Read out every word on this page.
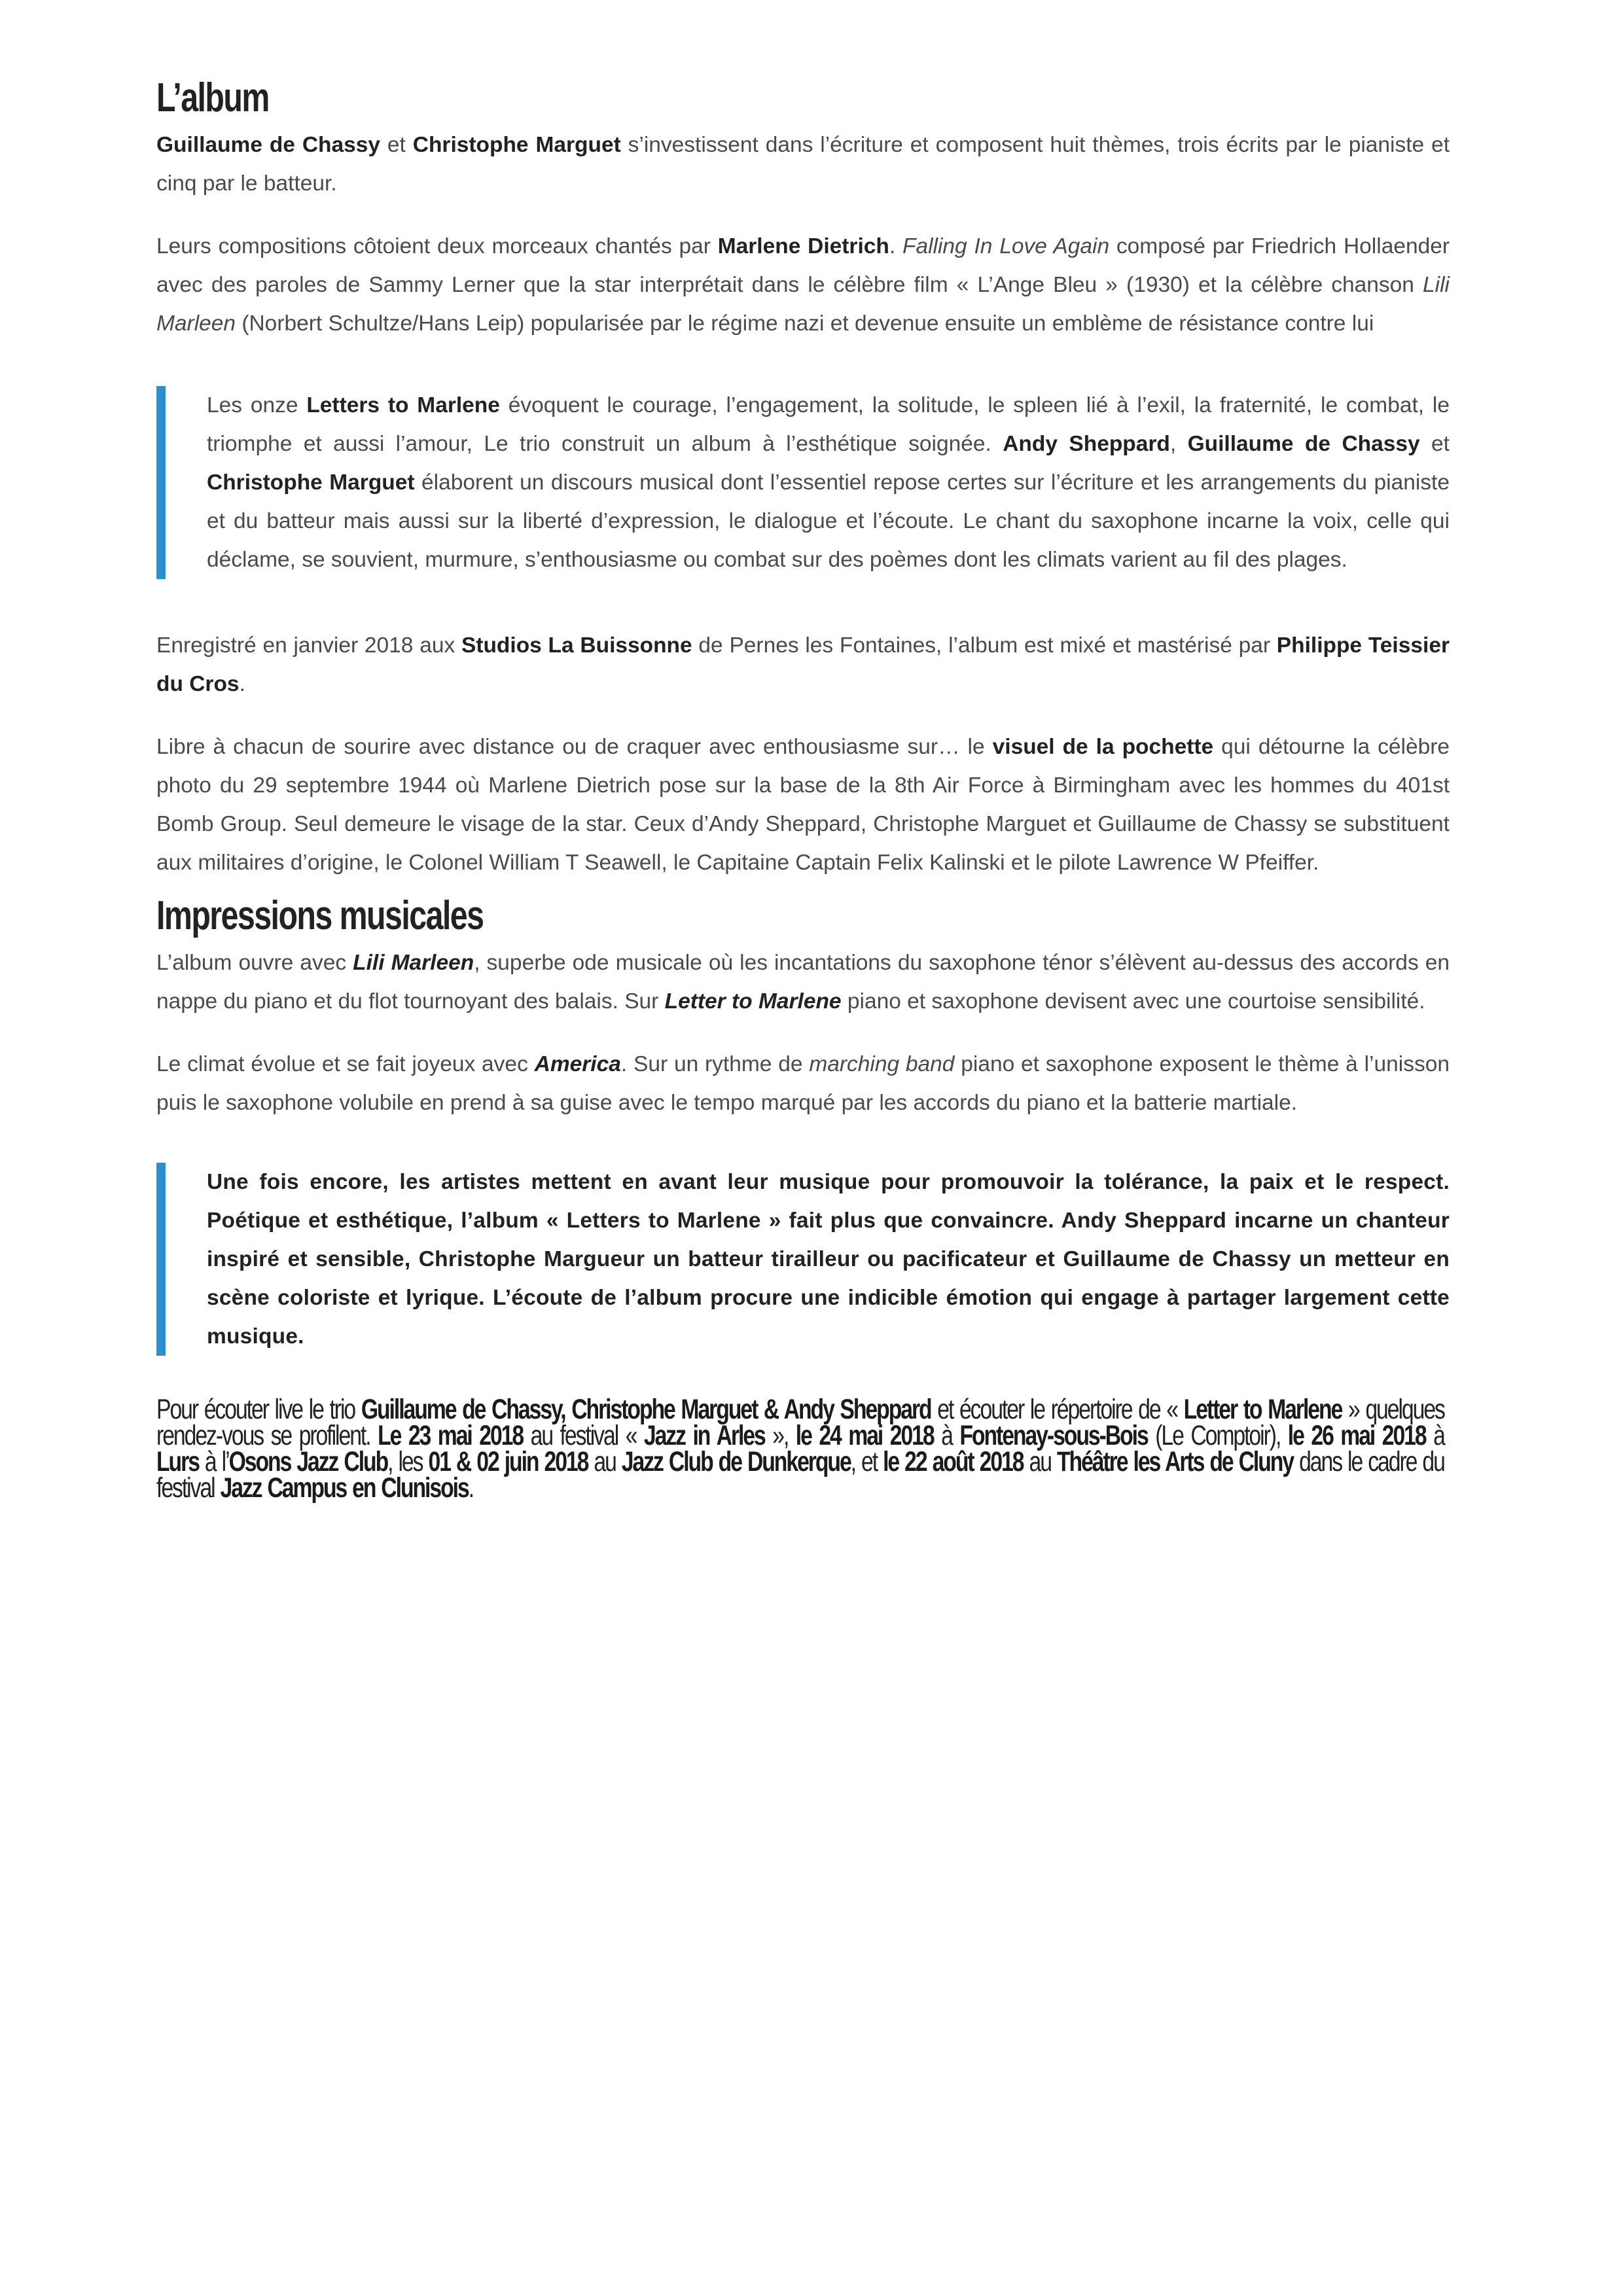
L’album

Guillaume de Chassy et Christophe Marguet s’investissent dans l’écriture et composent huit thèmes, trois écrits par le pianiste et cinq par le batteur.

Leurs compositions côtoient deux morceaux chantés par Marlene Dietrich. Falling In Love Again composé par Friedrich Hollaender avec des paroles de Sammy Lerner que la star interprétait dans le célèbre film « L’Ange Bleu » (1930) et la célèbre chanson Lili Marleen (Norbert Schultze/Hans Leip) popularisée par le régime nazi et devenue ensuite un emblème de résistance contre lui

Les onze Letters to Marlene évoquent le courage, l’engagement, la solitude, le spleen lié à l’exil, la fraternité, le combat, le triomphe et aussi l’amour, Le trio construit un album à l’esthétique soignée. Andy Sheppard, Guillaume de Chassy et Christophe Marguet élaborent un discours musical dont l’essentiel repose certes sur l’écriture et les arrangements du pianiste et du batteur mais aussi sur la liberté d’expression, le dialogue et l’écoute. Le chant du saxophone incarne la voix, celle qui déclame, se souvient, murmure, s’enthousiasme ou combat sur des poèmes dont les climats varient au fil des plages.

Enregistré en janvier 2018 aux Studios La Buissonne de Pernes les Fontaines, l’album est mixé et mastérisé par Philippe Teissier du Cros.

Libre à chacun de sourire avec distance ou de craquer avec enthousiasme sur… le visuel de la pochette qui détourne la célèbre photo du 29 septembre 1944 où Marlene Dietrich pose sur la base de la 8th Air Force à Birmingham avec les hommes du 401st Bomb Group. Seul demeure le visage de la star. Ceux d’Andy Sheppard, Christophe Marguet et Guillaume de Chassy se substituent aux militaires d’origine, le Colonel William T Seawell, le Capitaine Captain Felix Kalinski et le pilote Lawrence W Pfeiffer.

Impressions musicales

L’album ouvre avec Lili Marleen, superbe ode musicale où les incantations du saxophone ténor s’élèvent au-dessus des accords en nappe du piano et du flot tournoyant des balais. Sur Letter to Marlene piano et saxophone devisent avec une courtoise sensibilité.

Le climat évolue et se fait joyeux avec America. Sur un rythme de marching band piano et saxophone exposent le thème à l’unisson puis le saxophone volubile en prend à sa guise avec le tempo marqué par les accords du piano et la batterie martiale.

Une fois encore, les artistes mettent en avant leur musique pour promouvoir la tolérance, la paix et le respect. Poétique et esthétique, l’album « Letters to Marlene » fait plus que convaincre. Andy Sheppard incarne un chanteur inspiré et sensible, Christophe Margueur un batteur tirailleur ou pacificateur et Guillaume de Chassy un metteur en scène coloriste et lyrique. L’écoute de l’album procure une indicible émotion qui engage à partager largement cette musique.

Pour écouter live le trio Guillaume de Chassy, Christophe Marguet & Andy Sheppard et écouter le répertoire de « Letter to Marlene » quelques rendez-vous se profilent. Le 23 mai 2018 au festival « Jazz in Arles », le 24 mai 2018 à Fontenay-sous-Bois (Le Comptoir), le 26 mai 2018 à Lurs à l’Osons Jazz Club, les 01 & 02 juin 2018 au Jazz Club de Dunkerque, et le 22 août 2018 au Théâtre les Arts de Cluny dans le cadre du festival Jazz Campus en Clunisois.
